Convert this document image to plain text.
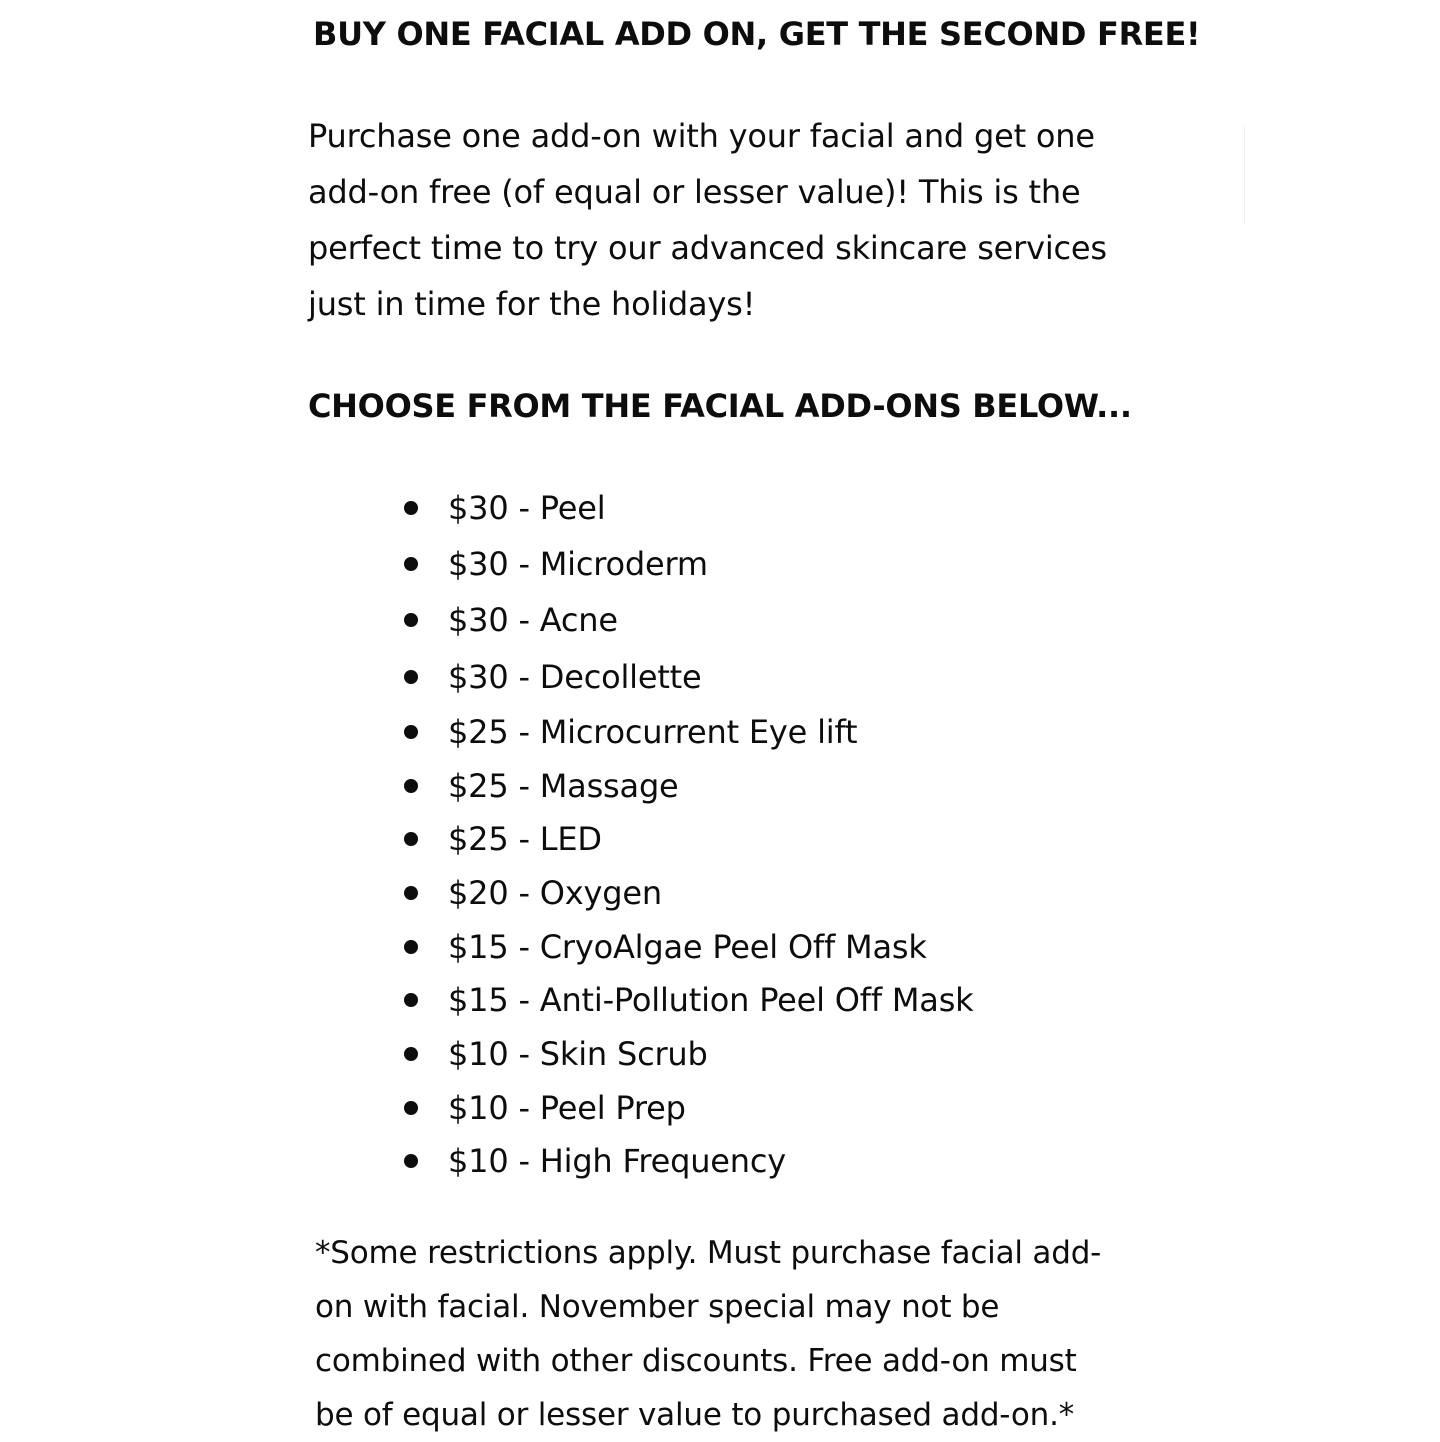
BUY ONE FACIAL ADD ON, GET THE SECOND FREE!

Purchase one add-on with your facial and get one
add-on free (of equal or lesser value)! This is the
perfect time to try our advanced skincare services
just in time for the holidays!

CHOOSE FROM THE FACIAL ADD-ONS BELOW...
$30 - Peel
$30 - Microderm
$30 - Acne
$30 - Decollette
$25 - Microcurrent Eye lift
$25 - Massage
$25 - LED
$20 - Oxygen
$15 - CryoAlgae Peel Off Mask
$15 - Anti-Pollution Peel Off Mask
$10 - Skin Scrub
$10 - Peel Prep
$10 - High Frequency

*Some restrictions apply. Must purchase facial add-
on with facial. November special may not be
combined with other discounts. Free add-on must
be of equal or lesser value to purchased add-on.*
